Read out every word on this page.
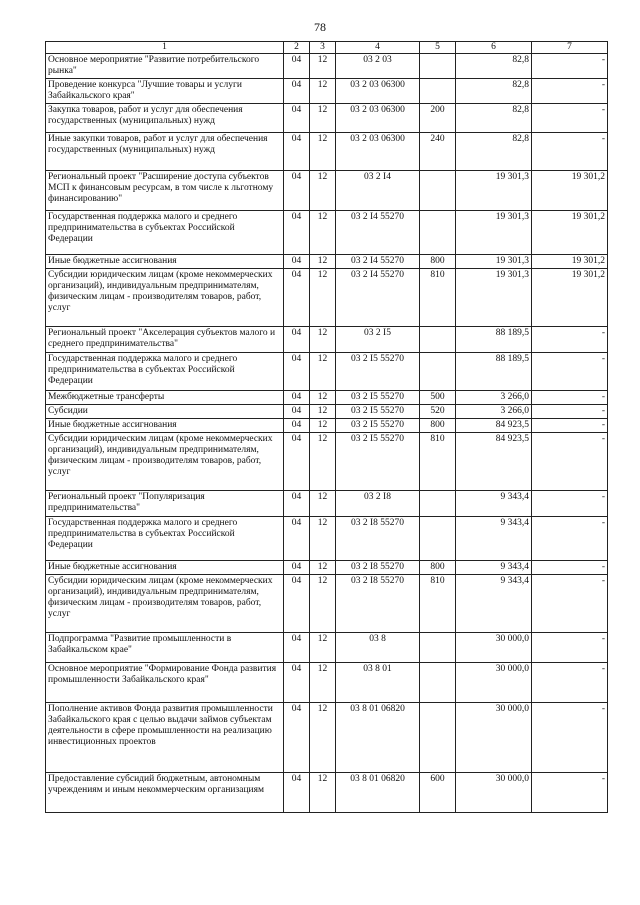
78
1	2	3	4	5	6	7
Основное мероприятие "Развитие потребительского рынка"	04	12	03 2 03		82,8	-
Проведение конкурса "Лучшие товары и услуги Забайкальского края"	04	12	03 2 03 06300		82,8	-
Закупка товаров, работ и услуг для обеспечения государственных (муниципальных) нужд	04	12	03 2 03 06300	200	82,8	-
Иные закупки товаров, работ и услуг для обеспечения государственных (муниципальных) нужд	04	12	03 2 03 06300	240	82,8	-
Региональный проект "Расширение доступа субъектов МСП к финансовым ресурсам, в том числе к льготному финансированию"	04	12	03 2 I4		19 301,3	19 301,2
Государственная поддержка малого и среднего предпринимательства в субъектах Российской Федерации	04	12	03 2 I4 55270		19 301,3	19 301,2
Иные бюджетные ассигнования	04	12	03 2 I4 55270	800	19 301,3	19 301,2
Субсидии юридическим лицам (кроме некоммерческих организаций), индивидуальным предпринимателям, физическим лицам - производителям товаров, работ, услуг	04	12	03 2 I4 55270	810	19 301,3	19 301,2
Региональный проект "Акселерация субъектов малого и среднего предпринимательства"	04	12	03 2 I5		88 189,5	-
Государственная поддержка малого и среднего предпринимательства в субъектах Российской Федерации	04	12	03 2 I5 55270		88 189,5	-
Межбюджетные трансферты	04	12	03 2 I5 55270	500	3 266,0	-
Субсидии	04	12	03 2 I5 55270	520	3 266,0	-
Иные бюджетные ассигнования	04	12	03 2 I5 55270	800	84 923,5	-
Субсидии юридическим лицам (кроме некоммерческих организаций), индивидуальным предпринимателям, физическим лицам - производителям товаров, работ, услуг	04	12	03 2 I5 55270	810	84 923,5	-
Региональный проект "Популяризация предпринимательства"	04	12	03 2 I8		9 343,4	-
Государственная поддержка малого и среднего предпринимательства в субъектах Российской Федерации	04	12	03 2 I8 55270		9 343,4	-
Иные бюджетные ассигнования	04	12	03 2 I8 55270	800	9 343,4	-
Субсидии юридическим лицам (кроме некоммерческих организаций), индивидуальным предпринимателям, физическим лицам - производителям товаров, работ, услуг	04	12	03 2 I8 55270	810	9 343,4	-
Подпрограмма "Развитие промышленности в Забайкальском крае"	04	12	03 8		30 000,0	-
Основное мероприятие "Формирование Фонда развития промышленности Забайкальского края"	04	12	03 8 01		30 000,0	-
Пополнение активов Фонда развития промышленности Забайкальского края с целью выдачи займов субъектам деятельности в сфере промышленности на реализацию инвестиционных проектов	04	12	03 8 01 06820		30 000,0	-
Предоставление субсидий бюджетным, автономным учреждениям и иным некоммерческим организациям	04	12	03 8 01 06820	600	30 000,0	-
